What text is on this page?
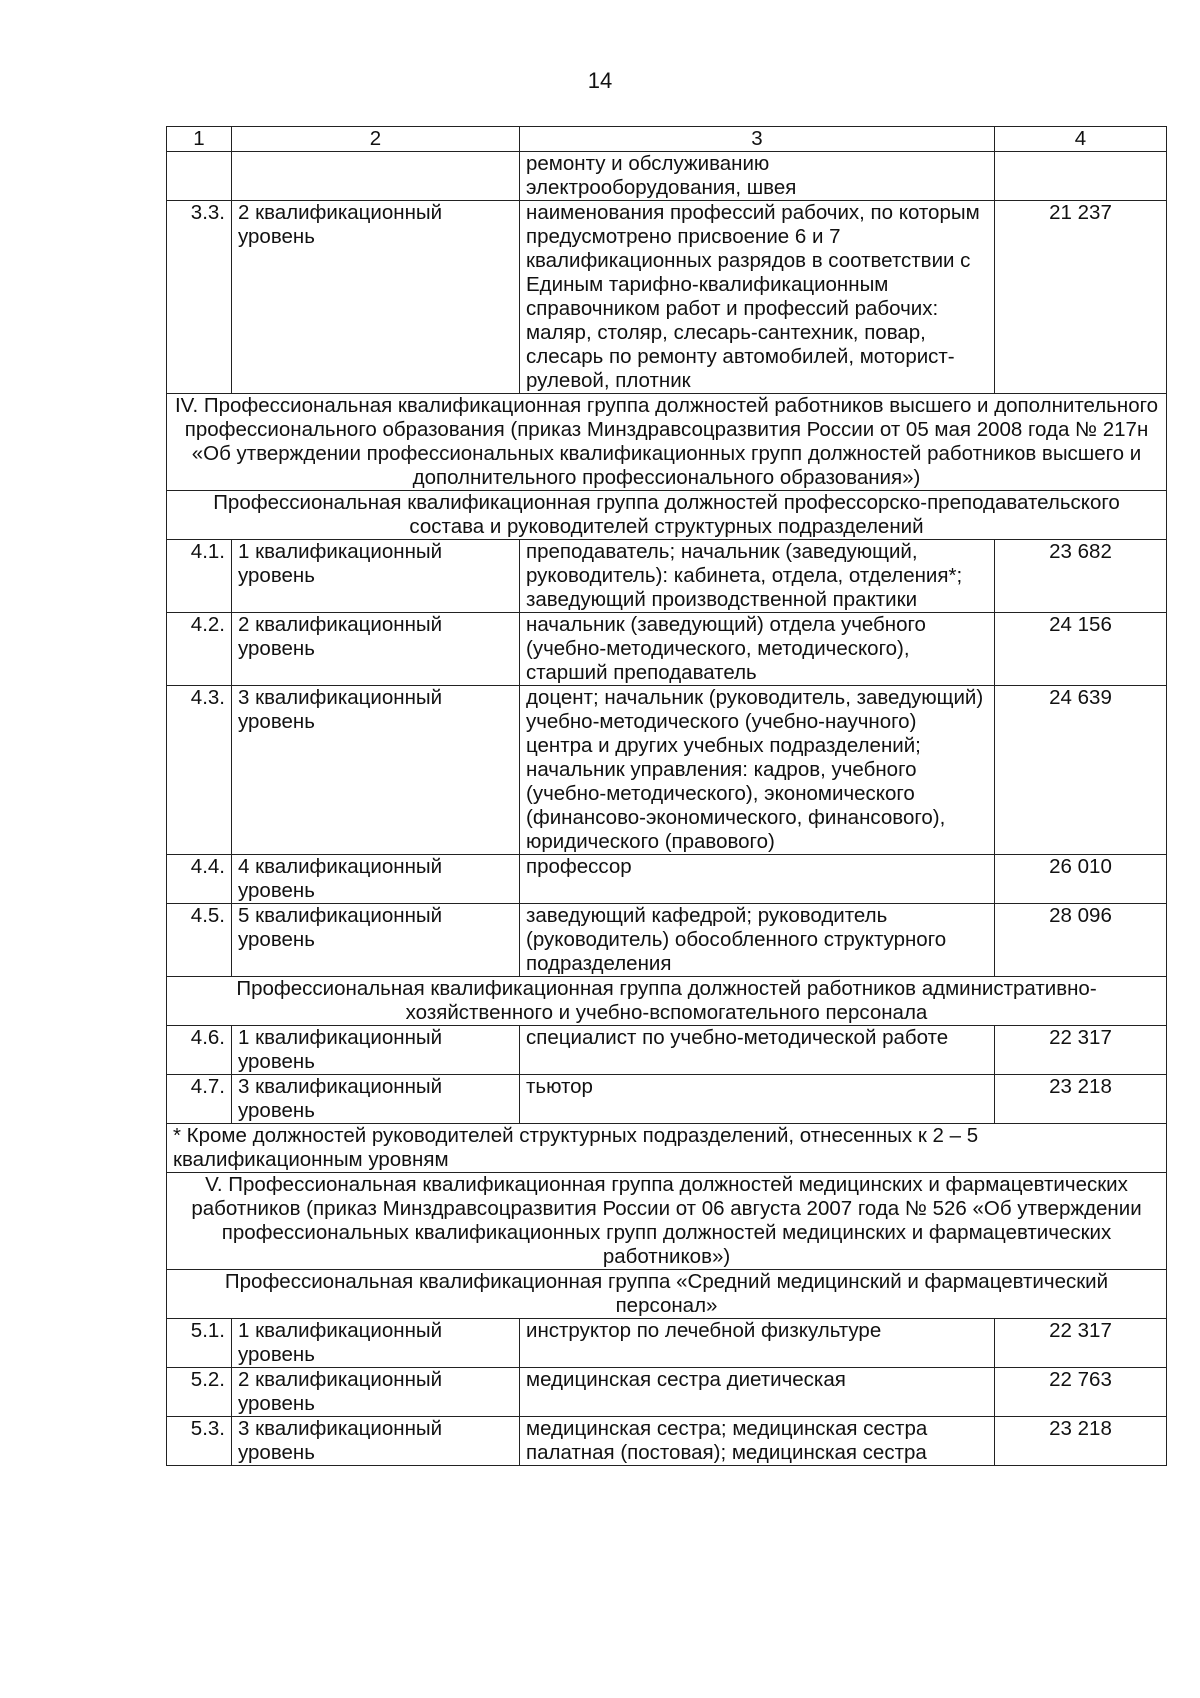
14
1	2	3	4
		ремонту и обслуживанию электрооборудования, швея	
3.3.	2 квалификационный уровень	наименования профессий рабочих, по которым предусмотрено присвоение 6 и 7 квалификационных разрядов в соответствии с Единым тарифно-квалификационным справочником работ и профессий рабочих: маляр, столяр, слесарь-сантехник, повар, слесарь по ремонту автомобилей, моторист-рулевой, плотник	21 237
IV. Профессиональная квалификационная группа должностей работников высшего и дополнительного профессионального образования (приказ Минздравсоцразвития России от 05 мая 2008 года № 217н «Об утверждении профессиональных квалификационных групп должностей работников высшего и дополнительного профессионального образования»)			
Профессиональная квалификационная группа должностей профессорско-преподавательского состава и руководителей структурных подразделений			
4.1.	1 квалификационный уровень	преподаватель; начальник (заведующий, руководитель): кабинета, отдела, отделения*; заведующий производственной практики	23 682
4.2.	2 квалификационный уровень	начальник (заведующий) отдела учебного (учебно-методического, методического), старший преподаватель	24 156
4.3.	3 квалификационный уровень	доцент; начальник (руководитель, заведующий) учебно-методического (учебно-научного) центра и других учебных подразделений; начальник управления: кадров, учебного (учебно-методического), экономического (финансово-экономического, финансового), юридического (правового)	24 639
4.4.	4 квалификационный уровень	профессор	26 010
4.5.	5 квалификационный уровень	заведующий кафедрой; руководитель (руководитель) обособленного структурного подразделения	28 096
Профессиональная квалификационная группа должностей работников административно-хозяйственного и учебно-вспомогательного персонала			
4.6.	1 квалификационный уровень	специалист по учебно-методической работе	22 317
4.7.	3 квалификационный уровень	тьютор	23 218
* Кроме должностей руководителей структурных подразделений, отнесенных к 2 – 5 квалификационным уровням			
V. Профессиональная квалификационная группа должностей медицинских и фармацевтических работников (приказ Минздравсоцразвития России от 06 августа 2007 года № 526 «Об утверждении профессиональных квалификационных групп должностей медицинских и фармацевтических работников»)			
Профессиональная квалификационная группа «Средний медицинский и фармацевтический персонал»			
5.1.	1 квалификационный уровень	инструктор по лечебной физкультуре	22 317
5.2.	2 квалификационный уровень	медицинская сестра диетическая	22 763
5.3.	3 квалификационный уровень	медицинская сестра; медицинская сестра палатная (постовая); медицинская сестра	23 218
